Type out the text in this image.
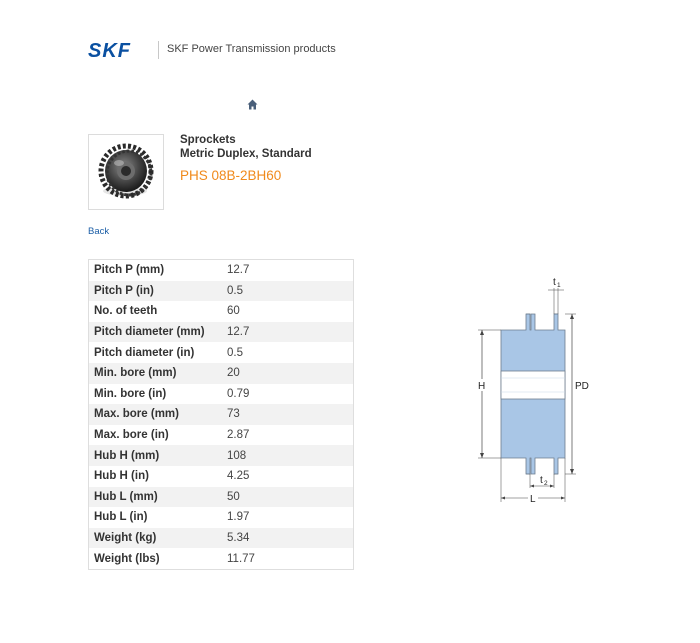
SKF	SKF Power Transmission products
Sprockets
Metric Duplex, Standard
PHS 08B-2BH60
Back
Pitch P (mm)	12.7
Pitch P (in)	0.5
No. of teeth	60
Pitch diameter (mm)	12.7
Pitch diameter (in)	0.5
Min. bore (mm)	20
Min. bore (in)	0.79
Max. bore (mm)	73
Max. bore (in)	2.87
Hub H (mm)	108
Hub H (in)	4.25
Hub L (mm)	50
Hub L (in)	1.97
Weight (kg)	5.34
Weight (lbs)	11.77
H	PD
t 1
t 2
L
